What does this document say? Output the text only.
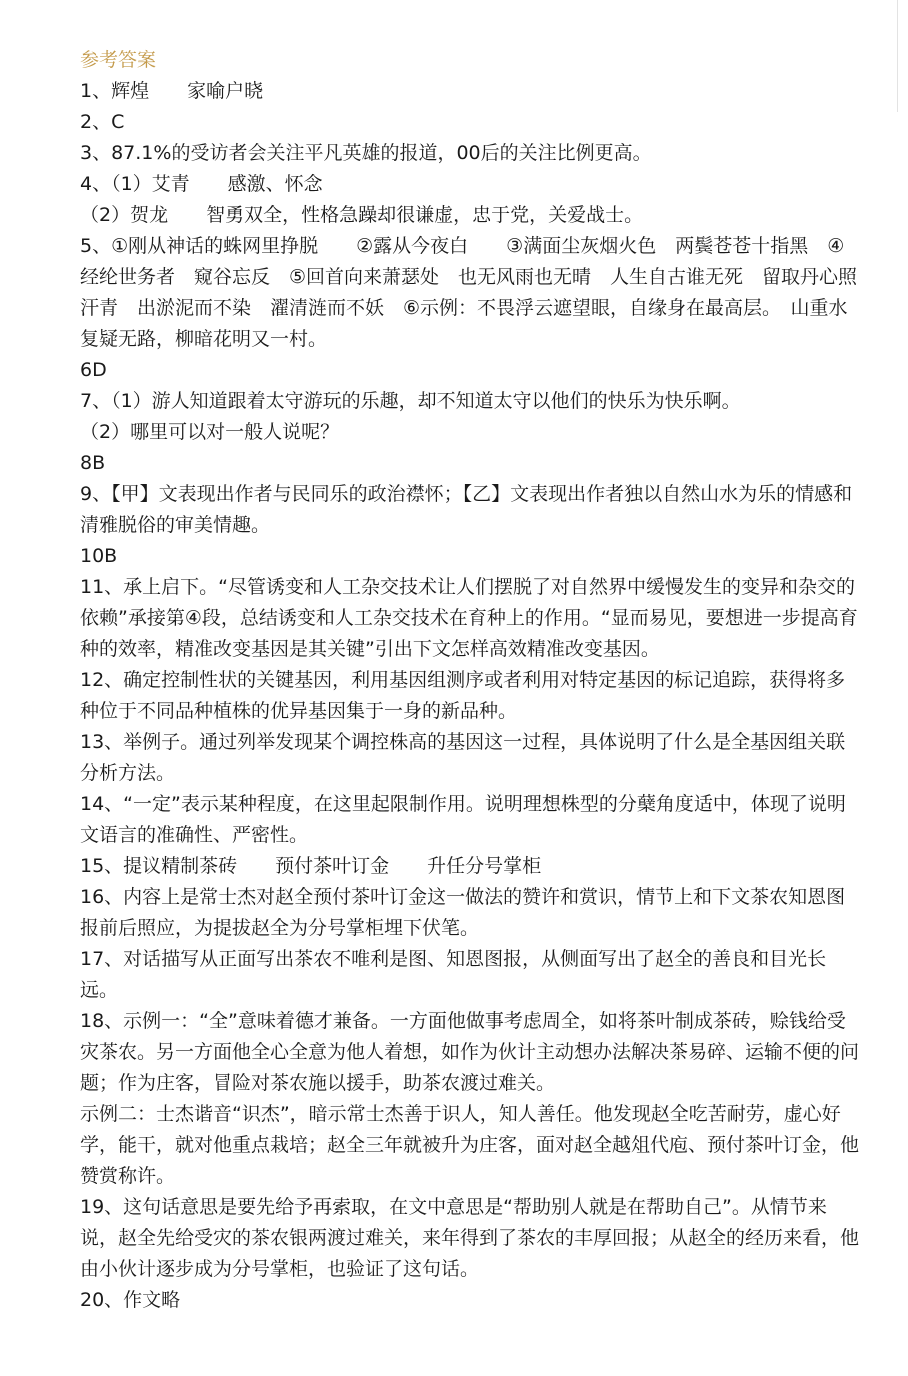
参考答案

1、辉煌　　家喻户晓

2、C

3、87.1%的受访者会关注平凡英雄的报道，00后的关注比例更高。

4、（1）艾青　　感激、怀念

（2）贺龙　　智勇双全，性格急躁却很谦虚，忠于党，关爱战士。

5、①刚从神话的蛛网里挣脱　　②露从今夜白　　③满面尘灰烟火色　两鬓苍苍十指黑　④经纶世务者　窥谷忘反　⑤回首向来萧瑟处　也无风雨也无晴　人生自古谁无死　留取丹心照汗青　出淤泥而不染　濯清涟而不妖　⑥示例：不畏浮云遮望眼，自缘身在最高层。　山重水复疑无路，柳暗花明又一村。

6D

7、（1）游人知道跟着太守游玩的乐趣，却不知道太守以他们的快乐为快乐啊。

（2）哪里可以对一般人说呢？

8B

9、【甲】文表现出作者与民同乐的政治襟怀；【乙】文表现出作者独以自然山水为乐的情感和清雅脱俗的审美情趣。

10B

11、承上启下。“尽管诱变和人工杂交技术让人们摆脱了对自然界中缓慢发生的变异和杂交的依赖”承接第④段，总结诱变和人工杂交技术在育种上的作用。“显而易见，要想进一步提高育种的效率，精准改变基因是其关键”引出下文怎样高效精准改变基因。

12、确定控制性状的关键基因，利用基因组测序或者利用对特定基因的标记追踪，获得将多种位于不同品种植株的优异基因集于一身的新品种。

13、举例子。通过列举发现某个调控株高的基因这一过程，具体说明了什么是全基因组关联分析方法。

14、“一定”表示某种程度，在这里起限制作用。说明理想株型的分蘖角度适中，体现了说明文语言的准确性、严密性。

15、提议精制茶砖　　预付茶叶订金　　升任分号掌柜

16、内容上是常士杰对赵全预付茶叶订金这一做法的赞许和赏识，情节上和下文茶农知恩图报前后照应，为提拔赵全为分号掌柜埋下伏笔。

17、对话描写从正面写出茶农不唯利是图、知恩图报，从侧面写出了赵全的善良和目光长远。

18、示例一：“全”意味着德才兼备。一方面他做事考虑周全，如将茶叶制成茶砖，赊钱给受灾茶农。另一方面他全心全意为他人着想，如作为伙计主动想办法解决茶易碎、运输不便的问题；作为庄客，冒险对茶农施以援手，助茶农渡过难关。

示例二：士杰谐音“识杰”，暗示常士杰善于识人，知人善任。他发现赵全吃苦耐劳，虚心好学，能干，就对他重点栽培；赵全三年就被升为庄客，面对赵全越俎代庖、预付茶叶订金，他赞赏称许。

19、这句话意思是要先给予再索取，在文中意思是“帮助别人就是在帮助自己”。从情节来说，赵全先给受灾的茶农银两渡过难关，来年得到了茶农的丰厚回报；从赵全的经历来看，他由小伙计逐步成为分号掌柜，也验证了这句话。

20、作文略
